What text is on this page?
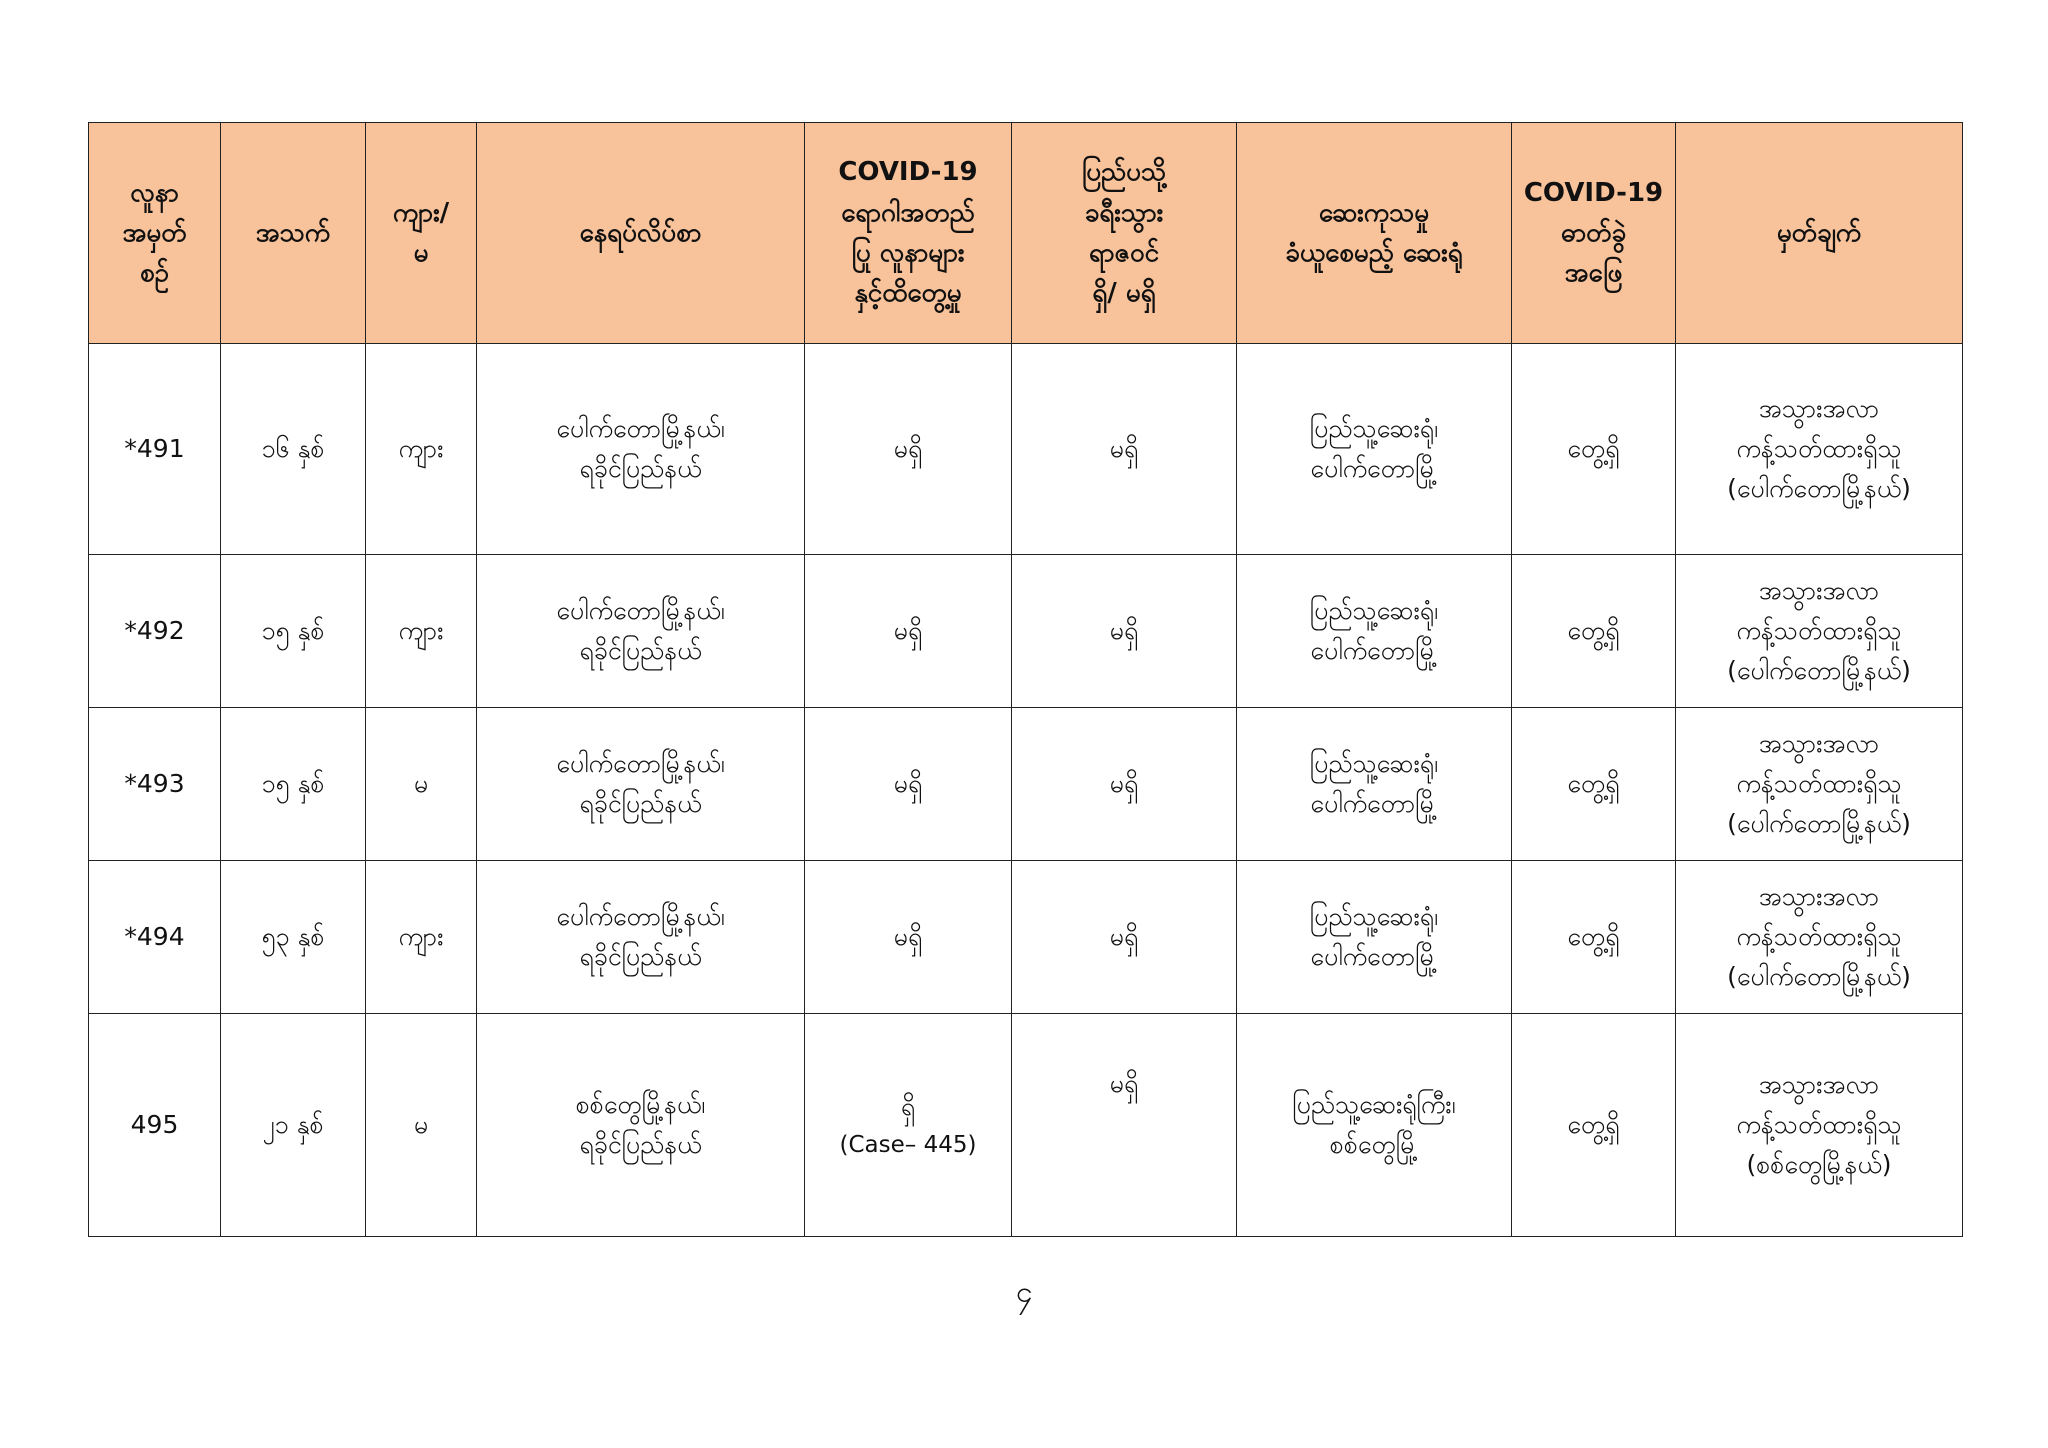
လူနာ
အမှတ်
စဉ်	အသက်	ကျား/
မ	နေရပ်လိပ်စာ	COVID-19
ရောဂါအတည်
ပြု လူနာများ
နှင့်ထိတွေ့မှု	ပြည်ပသို့
ခရီးသွား
ရာဇဝင်
ရှိ/ မရှိ	ဆေးကုသမှု
ခံယူစေမည့် ဆေးရုံ	COVID-19
ဓာတ်ခွဲ
အဖြေ	မှတ်ချက်

*491	၁၆ နှစ်	ကျား	ပေါက်တောမြို့နယ်၊
ရခိုင်ပြည်နယ်	မရှိ	မရှိ	ပြည်သူ့ဆေးရုံ၊
ပေါက်တောမြို့	တွေ့ရှိ	အသွားအလာ
ကန့်သတ်ထားရှိသူ
(ပေါက်တောမြို့နယ်)

*492	၁၅ နှစ်	ကျား	ပေါက်တောမြို့နယ်၊
ရခိုင်ပြည်နယ်	မရှိ	မရှိ	ပြည်သူ့ဆေးရုံ၊
ပေါက်တောမြို့	တွေ့ရှိ	အသွားအလာ
ကန့်သတ်ထားရှိသူ
(ပေါက်တောမြို့နယ်)

*493	၁၅ နှစ်	မ	ပေါက်တောမြို့နယ်၊
ရခိုင်ပြည်နယ်	မရှိ	မရှိ	ပြည်သူ့ဆေးရုံ၊
ပေါက်တောမြို့	တွေ့ရှိ	အသွားအလာ
ကန့်သတ်ထားရှိသူ
(ပေါက်တောမြို့နယ်)

*494	၅၃ နှစ်	ကျား	ပေါက်တောမြို့နယ်၊
ရခိုင်ပြည်နယ်	မရှိ	မရှိ	ပြည်သူ့ဆေးရုံ၊
ပေါက်တောမြို့	တွေ့ရှိ	အသွားအလာ
ကန့်သတ်ထားရှိသူ
(ပေါက်တောမြို့နယ်)

495	၂၁ နှစ်	မ	စစ်တွေမြို့နယ်၊
ရခိုင်ပြည်နယ်	ရှိ
(Case– 445)	မရှိ	ပြည်သူ့ဆေးရုံကြီး၊
စစ်တွေမြို့	တွေ့ရှိ	အသွားအလာ
ကန့်သတ်ထားရှိသူ
(စစ်တွေမြို့နယ်)
၄
